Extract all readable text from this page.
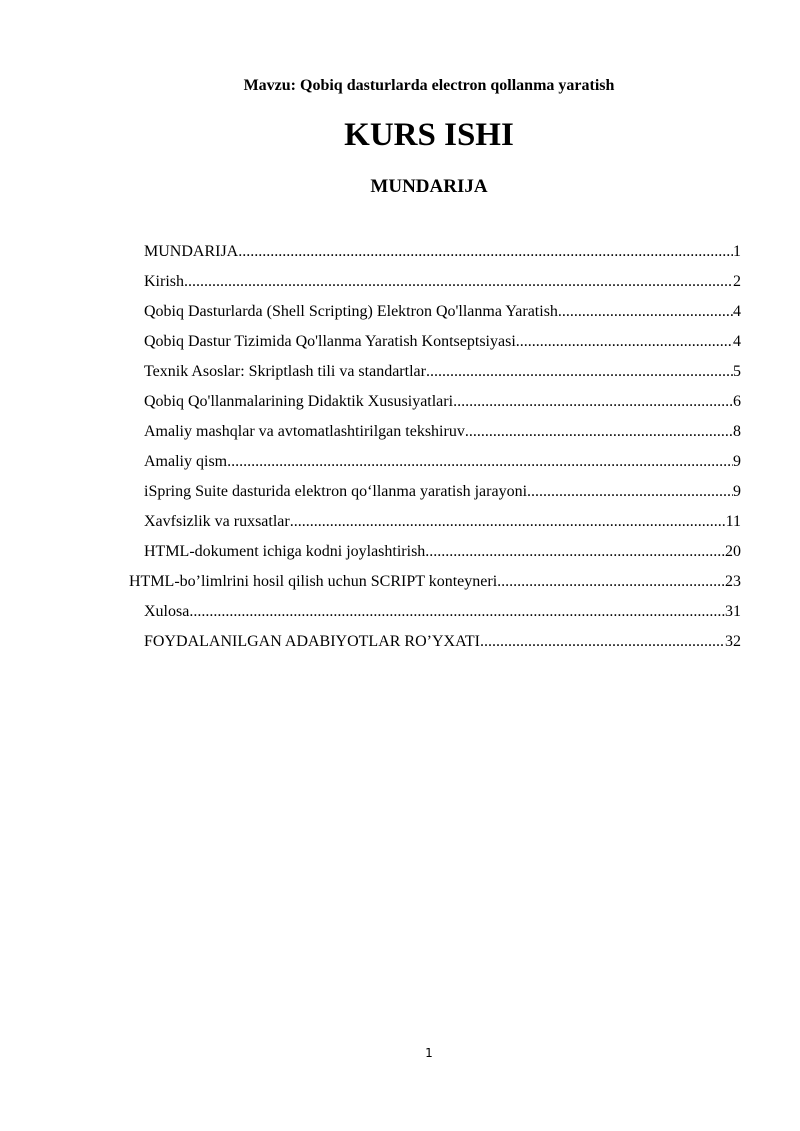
Mavzu: Qobiq dasturlarda electron qollanma yaratish
KURS ISHI
MUNDARIJA
MUNDARIJA .....	1
Kirish .....	2
Qobiq Dasturlarda (Shell Scripting) Elektron Qo'llanma Yaratish .....	4
Qobiq Dastur Tizimida Qo'llanma Yaratish Kontseptsiyasi .....	4
Texnik Asoslar: Skriptlash tili va standartlar .....	5
Qobiq Qo'llanmalarining Didaktik Xususiyatlari .....	6
Amaliy mashqlar va avtomatlashtirilgan tekshiruv .....	8
Amaliy qism .....	9
iSpring Suite dasturida elektron qo‘llanma yaratish jarayoni .....	9
Xavfsizlik va ruxsatlar .....	11
HTML-dokument ichiga kodni joylashtirish .....	20
HTML-bo’limlrini hosil qilish uchun SCRIPT konteyneri .....	23
Xulosa .....	31
FOYDALANILGAN ADABIYOTLAR RO’YXATI .....	32
1
